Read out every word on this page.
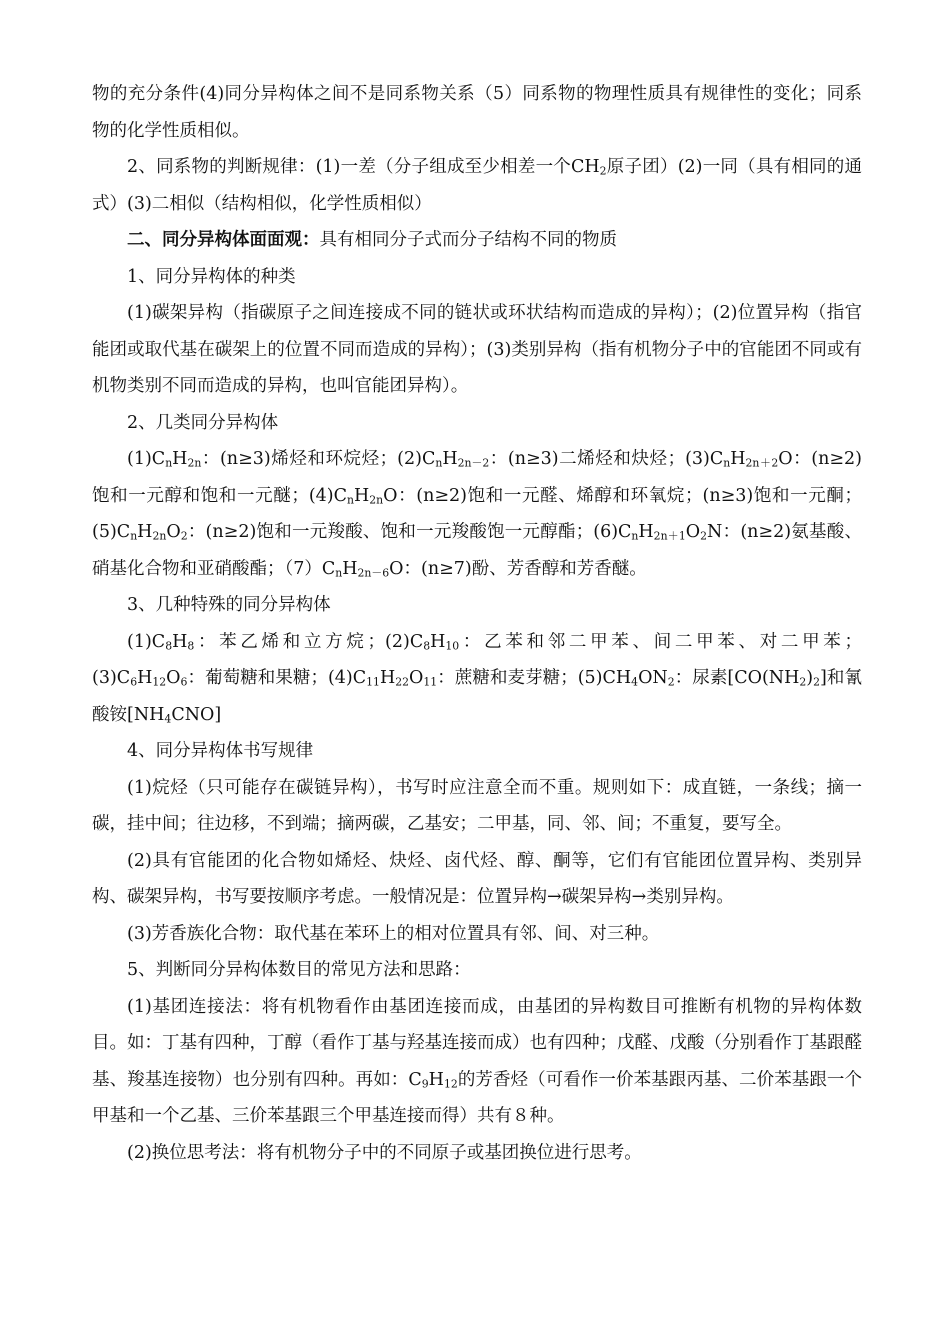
物的充分条件(4)同分异构体之间不是同系物关系（5）同系物的物理性质具有规律性的变化；同系物的化学性质相似。

2、同系物的判断规律：(1)一差（分子组成至少相差一个$CH_2$原子团）(2)一同（具有相同的通式）(3)二相似（结构相似，化学性质相似）

二、同分异构体面面观：具有相同分子式而分子结构不同的物质

1、同分异构体的种类

(1)碳架异构（指碳原子之间连接成不同的链状或环状结构而造成的异构）；(2)位置异构（指官能团或取代基在碳架上的位置不同而造成的异构）；(3)类别异构（指有机物分子中的官能团不同或有机物类别不同而造成的异构，也叫官能团异构）。

2、几类同分异构体

$(1)C_nH_{2n}$：(n≥3)烯烃和环烷烃；$(2)C_nH_{2n-2}$：(n≥3)二烯烃和炔烃；$(3)C_nH_{2n+2}O$：(n≥2)饱和一元醇和饱和一元醚；$(4)C_nH_{2n}O$：(n≥2)饱和一元醛、烯醇和环氧烷；(n≥3)饱和一元酮；$(5)C_nH_{2n}O_2$：(n≥2)饱和一元羧酸、饱和一元羧酸饱一元醇酯；$(6)C_nH_{2n+1}O_2N$：(n≥2)氨基酸、硝基化合物和亚硝酸酯；$(7)C_nH_{2n-6}O$：(n≥7)酚、芳香醇和芳香醚。

3、几种特殊的同分异构体

$(1)C_8H_8$：苯乙烯和立方烷；$(2)C_8H_{10}$：乙苯和邻二甲苯、间二甲苯、对二甲苯；$(3)C_6H_{12}O_6$：葡萄糖和果糖；$(4)C_{11}H_{22}O_{11}$：蔗糖和麦芽糖；$(5)CH_4ON_2$：尿素$[CO(NH_2)_2]$和氰酸铵$[NH_4CNO]$

4、同分异构体书写规律

(1)烷烃（只可能存在碳链异构），书写时应注意全而不重。规则如下：成直链，一条线；摘一碳，挂中间；往边移，不到端；摘两碳，乙基安；二甲基，同、邻、间；不重复，要写全。

(2)具有官能团的化合物如烯烃、炔烃、卤代烃、醇、酮等，它们有官能团位置异构、类别异构、碳架异构，书写要按顺序考虑。一般情况是：位置异构→碳架异构→类别异构。

(3)芳香族化合物：取代基在苯环上的相对位置具有邻、间、对三种。

5、判断同分异构体数目的常见方法和思路：

(1)基团连接法：将有机物看作由基团连接而成，由基团的异构数目可推断有机物的异构体数目。如：丁基有四种，丁醇（看作丁基与羟基连接而成）也有四种；戊醛、戊酸（分别看作丁基跟醛基、羧基连接物）也分别有四种。再如：$C_9H_{12}$的芳香烃（可看作一价苯基跟丙基、二价苯基跟一个甲基和一个乙基、三价苯基跟三个甲基连接而得）共有８种。

(2)换位思考法：将有机物分子中的不同原子或基团换位进行思考。
